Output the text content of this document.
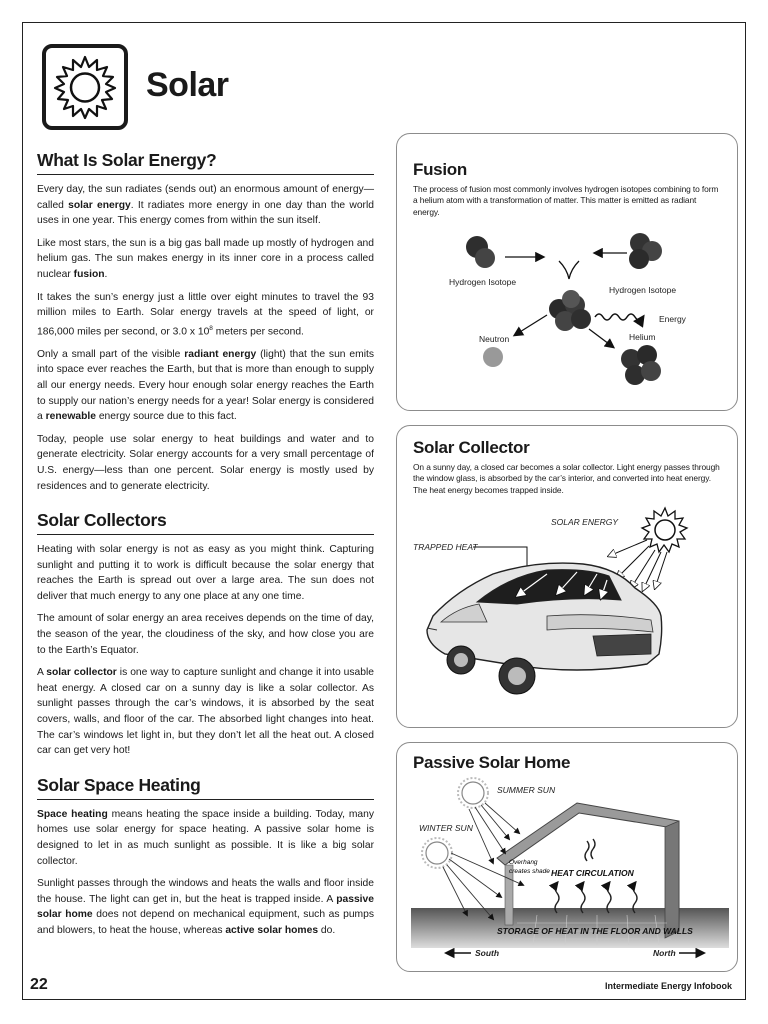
Solar
What Is Solar Energy?

Every day, the sun radiates (sends out) an enormous amount of energy—called solar energy. It radiates more energy in one day than the world uses in one year. This energy comes from within the sun itself.

Like most stars, the sun is a big gas ball made up mostly of hydrogen and helium gas. The sun makes energy in its inner core in a process called nuclear fusion.

It takes the sun’s energy just a little over eight minutes to travel the 93 million miles to Earth. Solar energy travels at the speed of light, or 186,000 miles per second, or 3.0 x $10^8$ meters per second.

Only a small part of the visible radiant energy (light) that the sun emits into space ever reaches the Earth, but that is more than enough to supply all our energy needs. Every hour enough solar energy reaches the Earth to supply our nation’s energy needs for a year! Solar energy is considered a renewable energy source due to this fact.

Today, people use solar energy to heat buildings and water and to generate electricity. Solar energy accounts for a very small percentage of U.S. energy—less than one percent. Solar energy is mostly used by residences and to generate electricity.

Solar Collectors

Heating with solar energy is not as easy as you might think. Capturing sunlight and putting it to work is difficult because the solar energy that reaches the Earth is spread out over a large area. The sun does not deliver that much energy to any one place at any one time.

The amount of solar energy an area receives depends on the time of day, the season of the year, the cloudiness of the sky, and how close you are to the Earth’s Equator.

A solar collector is one way to capture sunlight and change it into usable heat energy. A closed car on a sunny day is like a solar collector. As sunlight passes through the car’s windows, it is absorbed by the seat covers, walls, and floor of the car. The absorbed light changes into heat. The car’s windows let light in, but they don’t let all the heat out. A closed car can get very hot!

Solar Space Heating

Space heating means heating the space inside a building. Today, many homes use solar energy for space heating. A passive solar home is designed to let in as much sunlight as possible. It is like a big solar collector.

Sunlight passes through the windows and heats the walls and floor inside the house. The light can get in, but the heat is trapped inside. A passive solar home does not depend on mechanical equipment, such as pumps and blowers, to heat the house, whereas active solar homes do.

Fusion

The process of fusion most commonly involves hydrogen isotopes combining to form a helium atom with a transformation of matter. This matter is emitted as radiant energy.

Hydrogen Isotope
Hydrogen Isotope
Neutron
Energy
Helium
Solar Collector

On a sunny day, a closed car becomes a solar collector. Light energy passes through the window glass, is absorbed by the car’s interior, and converted into heat energy. The heat energy becomes trapped inside.

SOLAR ENERGY
TRAPPED HEAT
Passive Solar Home
SUMMER SUN
WINTER SUN
Overhang
creates shade HEAT CIRCULATION
STORAGE OF HEAT IN THE FLOOR AND WALLS
South	North
22	Intermediate Energy Infobook
